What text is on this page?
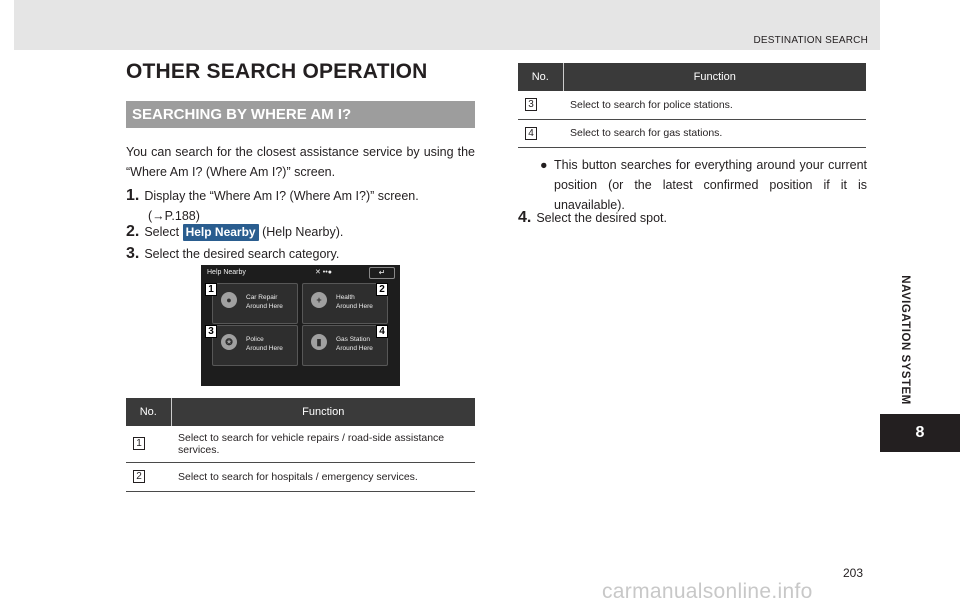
DESTINATION SEARCH
NAVIGATION SYSTEM
8
203
carmanualsonline.info
OTHER SEARCH OPERATION
SEARCHING BY WHERE AM I?
You can search for the closest assistance service by using the “Where Am I? (Where Am I?)” screen.
1. Display the “Where Am I? (Where Am I?)” screen.
(→P.188)
2. Select Help Nearby (Help Nearby).
3. Select the desired search category.
Help Nearby	✕ ••●	↵
●	Car Repair
Around Here
+	Health
Around Here
✪	Police
Around Here
▮	Gas Station
Around Here
1	2
3	4
No.	Function
1	Select to search for vehicle repairs / road-side assistance services.
2	Select to search for hospitals / emergency services.
No.	Function
3	Select to search for police stations.
4	Select to search for gas stations.
● This button searches for everything around your current position (or the latest confirmed position if it is unavailable).
4. Select the desired spot.
